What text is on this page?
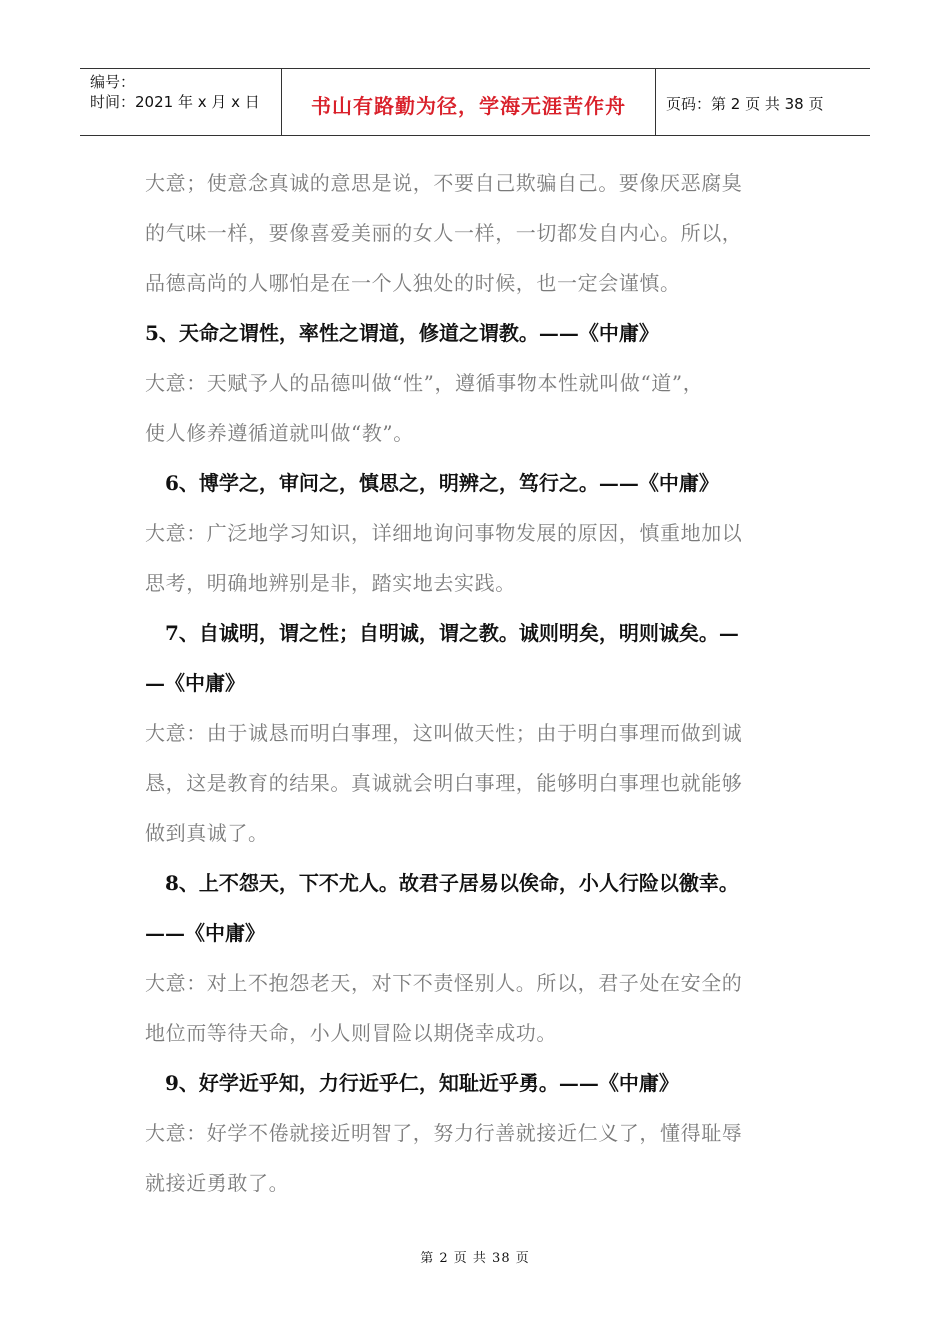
编号：
时间：2021 年 x 月 x 日	书山有路勤为径，学海无涯苦作舟	页码：第 2 页 共 38 页
大意；使意念真诚的意思是说，不要自己欺骗自己。要像厌恶腐臭
的气味一样，要像喜爱美丽的女人一样，一切都发自内心。所以，
品德高尚的人哪怕是在一个人独处的时候，也一定会谨慎。
5、天命之谓性，率性之谓道，修道之谓教。——《中庸》
大意：天赋予人的品德叫做“性”，遵循事物本性就叫做“道”，
使人修养遵循道就叫做“教”。
6、博学之，审问之，慎思之，明辨之，笃行之。——《中庸》
大意：广泛地学习知识，详细地询问事物发展的原因，慎重地加以
思考，明确地辨别是非，踏实地去实践。
7、自诚明，谓之性；自明诚，谓之教。诚则明矣，明则诚矣。—
—《中庸》
大意：由于诚恳而明白事理，这叫做天性；由于明白事理而做到诚
恳，这是教育的结果。真诚就会明白事理，能够明白事理也就能够
做到真诚了。
8、上不怨天，下不尤人。故君子居易以俟命，小人行险以徼幸。
——《中庸》
大意：对上不抱怨老天，对下不责怪别人。所以，君子处在安全的
地位而等待天命，小人则冒险以期侥幸成功。
9、好学近乎知，力行近乎仁，知耻近乎勇。——《中庸》
大意：好学不倦就接近明智了，努力行善就接近仁义了，懂得耻辱
就接近勇敢了。
第 2 页 共 38 页
